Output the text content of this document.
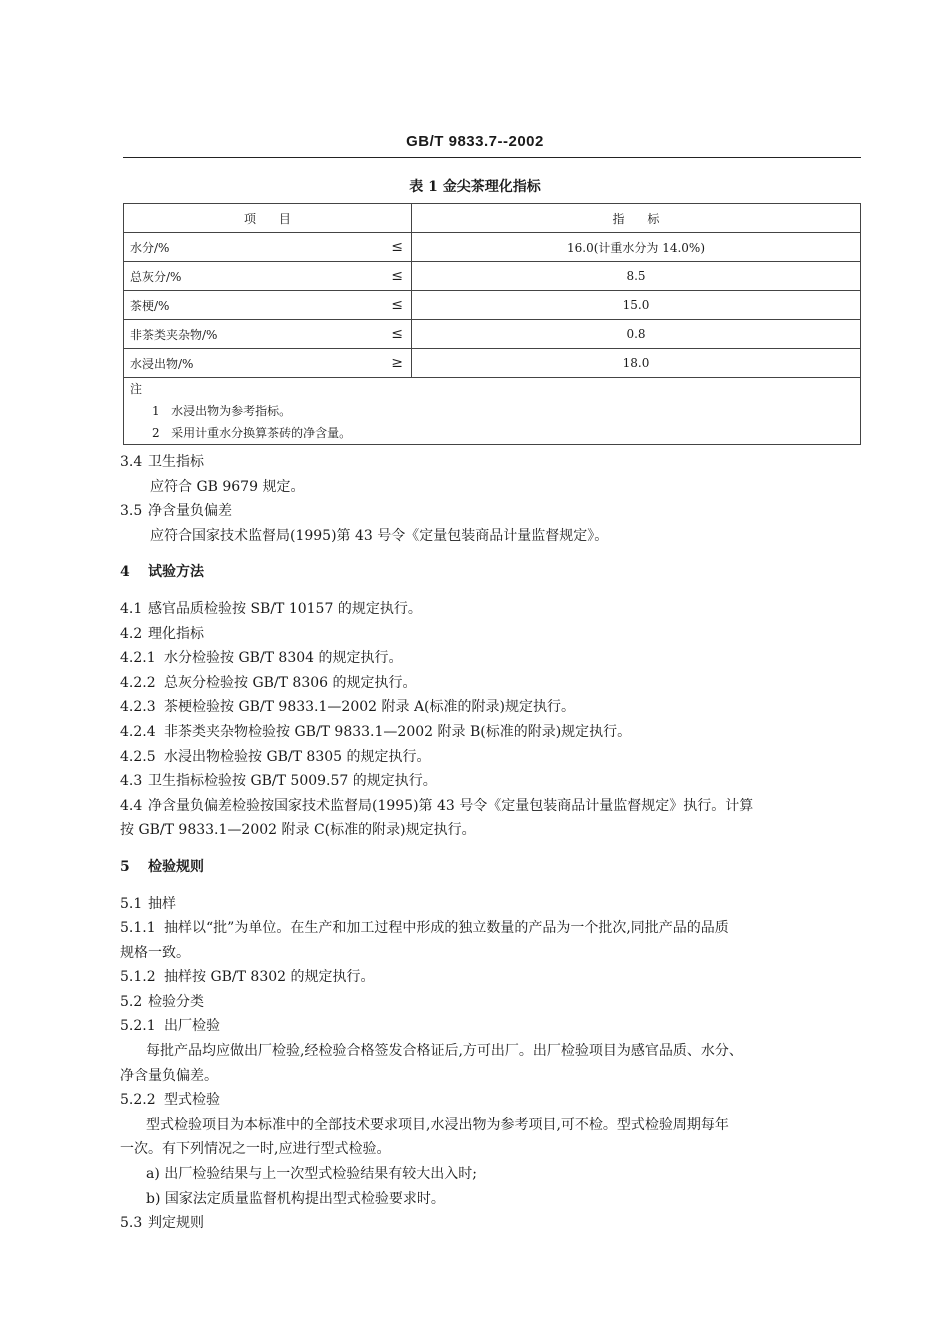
GB/T 9833.7--2002
表 1 金尖茶理化指标
项      目	指      标
水分/% ≤	16.0(计重水分为 14.0%)
总灰分/% ≤	8.5
茶梗/% ≤	15.0
非茶类夹杂物/% ≤	0.8
水浸出物/% ≥	18.0
注

1   水浸出物为参考指标。
2   采用计重水分换算茶砖的净含量。	
3.4 卫生指标
应符合 GB 9679 规定。
3.5 净含量负偏差
应符合国家技术监督局(1995)第 43 号令《定量包装商品计量监督规定》。
4 试验方法
4.1 感官品质检验按 SB/T 10157 的规定执行。
4.2 理化指标
4.2.1 水分检验按 GB/T 8304 的规定执行。
4.2.2 总灰分检验按 GB/T 8306 的规定执行。
4.2.3 茶梗检验按 GB/T 9833.1—2002 附录 A(标准的附录)规定执行。
4.2.4 非茶类夹杂物检验按 GB/T 9833.1—2002 附录 B(标准的附录)规定执行。
4.2.5 水浸出物检验按 GB/T 8305 的规定执行。
4.3 卫生指标检验按 GB/T 5009.57 的规定执行。
4.4 净含量负偏差检验按国家技术监督局(1995)第 43 号令《定量包装商品计量监督规定》执行。计算
按 GB/T 9833.1—2002 附录 C(标准的附录)规定执行。
5 检验规则
5.1 抽样
5.1.1 抽样以“批”为单位。在生产和加工过程中形成的独立数量的产品为一个批次,同批产品的品质
规格一致。
5.1.2 抽样按 GB/T 8302 的规定执行。
5.2 检验分类
5.2.1 出厂检验
每批产品均应做出厂检验,经检验合格签发合格证后,方可出厂。出厂检验项目为感官品质、水分、
净含量负偏差。
5.2.2 型式检验
型式检验项目为本标准中的全部技术要求项目,水浸出物为参考项目,可不检。型式检验周期每年
一次。有下列情况之一时,应进行型式检验。
a) 出厂检验结果与上一次型式检验结果有较大出入时;
b) 国家法定质量监督机构提出型式检验要求时。
5.3 判定规则
